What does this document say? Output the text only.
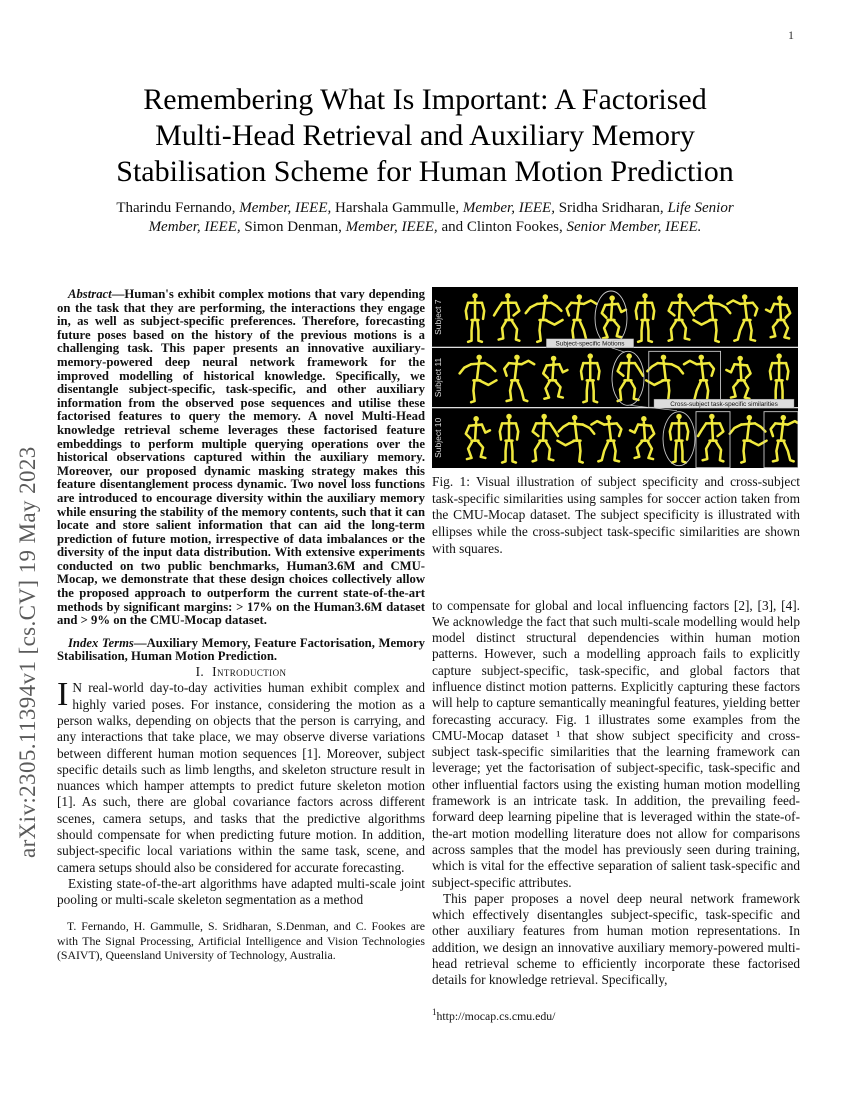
1
arXiv:2305.11394v1 [cs.CV] 19 May 2023
Remembering What Is Important: A Factorised
Multi-Head Retrieval and Auxiliary Memory
Stabilisation Scheme for Human Motion Prediction
Tharindu Fernando, Member, IEEE, Harshala Gammulle, Member, IEEE, Sridha Sridharan, Life Senior
Member, IEEE, Simon Denman, Member, IEEE, and Clinton Fookes, Senior Member, IEEE.

Abstract—Human's exhibit complex motions that vary depending on the task that they are performing, the interactions they engage in, as well as subject-specific preferences. Therefore, forecasting future poses based on the history of the previous motions is a challenging task. This paper presents an innovative auxiliary-memory-powered deep neural network framework for the improved modelling of historical knowledge. Specifically, we disentangle subject-specific, task-specific, and other auxiliary information from the observed pose sequences and utilise these factorised features to query the memory. A novel Multi-Head knowledge retrieval scheme leverages these factorised feature embeddings to perform multiple querying operations over the historical observations captured within the auxiliary memory. Moreover, our proposed dynamic masking strategy makes this feature disentanglement process dynamic. Two novel loss functions are introduced to encourage diversity within the auxiliary memory while ensuring the stability of the memory contents, such that it can locate and store salient information that can aid the long-term prediction of future motion, irrespective of data imbalances or the diversity of the input data distribution. With extensive experiments conducted on two public benchmarks, Human3.6M and CMU-Mocap, we demonstrate that these design choices collectively allow the proposed approach to outperform the current state-of-the-art methods by significant margins: > 17% on the Human3.6M dataset and > 9% on the CMU-Mocap dataset.

Index Terms—Auxiliary Memory, Feature Factorisation, Memory Stabilisation, Human Motion Prediction.

I. Introduction

I N real-world day-to-day activities human exhibit complex and highly varied poses. For instance, considering the motion as a person walks, depending on objects that the person is carrying, and any interactions that take place, we may observe diverse variations between different human motion sequences [1]. Moreover, subject specific details such as limb lengths, and skeleton structure result in nuances which hamper attempts to predict future skeleton motion [1]. As such, there are global covariance factors across different scenes, camera setups, and tasks that the predictive algorithms should compensate for when predicting future motion. In addition, subject-specific local variations within the same task, scene, and camera setups should also be considered for accurate forecasting.

Existing state-of-the-art algorithms have adapted multi-scale joint pooling or multi-scale skeleton segmentation as a method

T. Fernando, H. Gammulle, S. Sridharan, S.Denman, and C. Fookes are with The Signal Processing, Artificial Intelligence and Vision Technologies (SAIVT), Queensland University of Technology, Australia.

Subject 7
Subject 11
Subject 10
Subject-specific Motions
Cross-subject task-specific similarities

Fig. 1: Visual illustration of subject specificity and cross-subject task-specific similarities using samples for soccer action taken from the CMU-Mocap dataset. The subject specificity is illustrated with ellipses while the cross-subject task-specific similarities are shown with squares.

to compensate for global and local influencing factors [2], [3], [4]. We acknowledge the fact that such multi-scale modelling would help model distinct structural dependencies within human motion patterns. However, such a modelling approach fails to explicitly capture subject-specific, task-specific, and global factors that influence distinct motion patterns. Explicitly capturing these factors will help to capture semantically meaningful features, yielding better forecasting accuracy. Fig. 1 illustrates some examples from the CMU-Mocap dataset ¹ that show subject specificity and cross-subject task-specific similarities that the learning framework can leverage; yet the factorisation of subject-specific, task-specific and other influential factors using the existing human motion modelling framework is an intricate task. In addition, the prevailing feed-forward deep learning pipeline that is leveraged within the state-of-the-art motion modelling literature does not allow for comparisons across samples that the model has previously seen during training, which is vital for the effective separation of salient task-specific and subject-specific attributes.

This paper proposes a novel deep neural network framework which effectively disentangles subject-specific, task-specific and other auxiliary features from human motion representations. In addition, we design an innovative auxiliary memory-powered multi-head retrieval scheme to efficiently incorporate these factorised details for knowledge retrieval. Specifically,

$^1$http://mocap.cs.cmu.edu/
